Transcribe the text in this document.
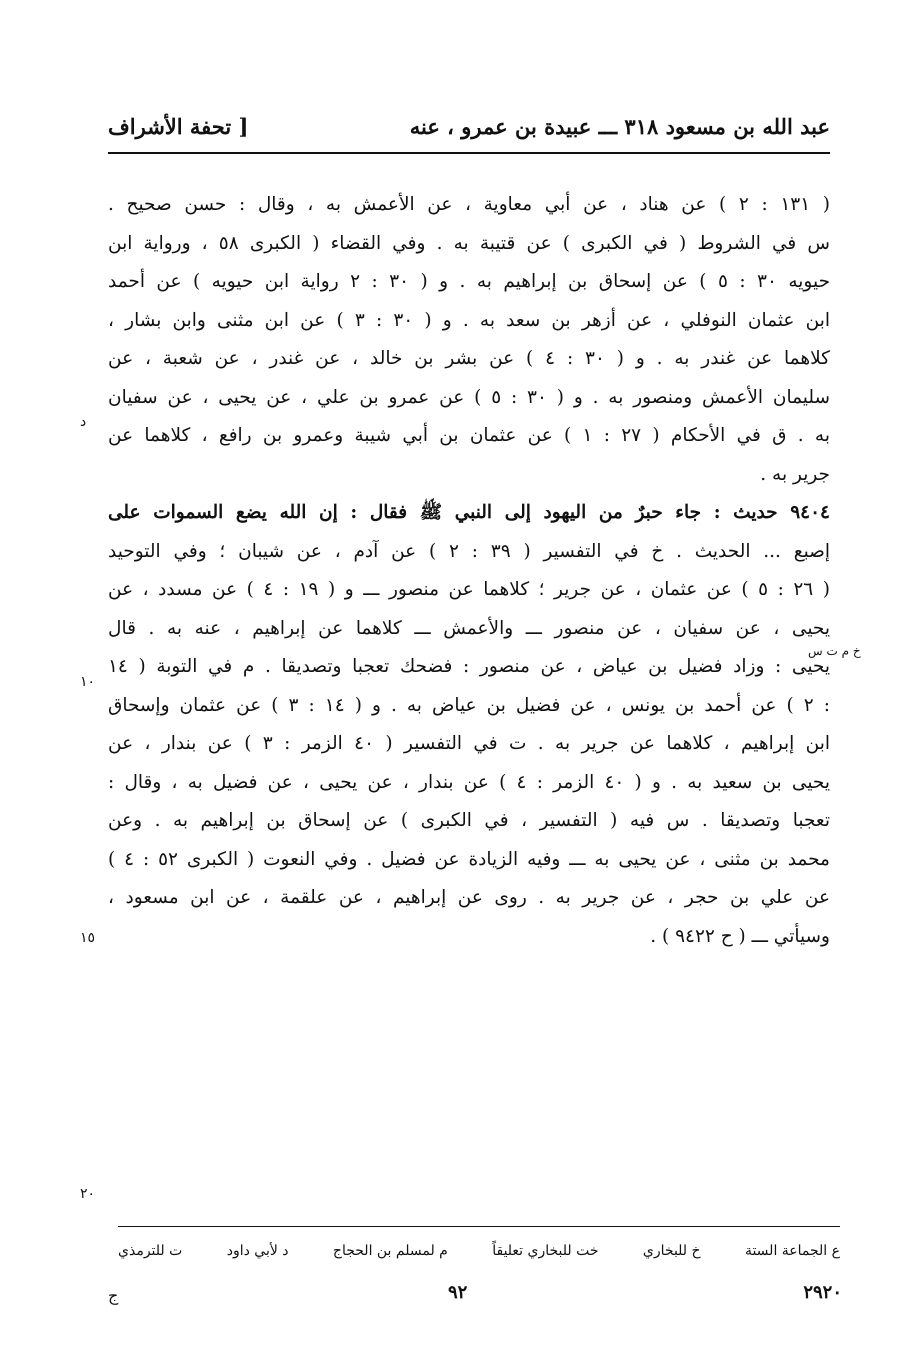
عبد الله بن مسعود ٣١٨ ـــ عبيدة بن عمرو ، عنه
[ تحفة الأشراف
( ١٣١ : ٢ ) عن هناد ، عن أبي معاوية ، عن الأعمش به ، وقال : حسن صحيح .
س في الشروط ( في الكبرى ) عن قتيبة به . وفي القضاء ( الكبرى ٥٨ ، ورواية ابن
حيويه ٣٠ : ٥ ) عن إسحاق بن إبراهيم به . و ( ٣٠ : ٢ رواية ابن حيويه ) عن أحمد
ابن عثمان النوفلي ، عن أزهر بن سعد به . و ( ٣٠ : ٣ ) عن ابن مثنى وابن بشار ،
كلاهما عن غندر به . و ( ٣٠ : ٤ ) عن بشر بن خالد ، عن غندر ، عن شعبة ، عن
سليمان الأعمش ومنصور به . و ( ٣٠ : ٥ ) عن عمرو بن علي ، عن يحيى ، عن سفيان
به . ق في الأحكام ( ٢٧ : ١ ) عن عثمان بن أبي شيبة وعمرو بن رافع ، كلاهما عن
جرير به .
٩٤٠٤ حديث : جاء حبرٌ من اليهود إلى النبي ﷺ فقال : إن الله يضع السموات على
إصبع ... الحديث . خ في التفسير ( ٣٩ : ٢ ) عن آدم ، عن شيبان ؛ وفي التوحيد
( ٢٦ : ٥ ) عن عثمان ، عن جرير ؛ كلاهما عن منصور ـــ و ( ١٩ : ٤ ) عن مسدد ، عن
يحيى ، عن سفيان ، عن منصور ـــ والأعمش ـــ كلاهما عن إبراهيم ، عنه به . قال
يحيى : وزاد فضيل بن عياض ، عن منصور : فضحك تعجبا وتصديقا . م في التوبة ( ١٤
: ٢ ) عن أحمد بن يونس ، عن فضيل بن عياض به . و ( ١٤ : ٣ ) عن عثمان وإسحاق
ابن إبراهيم ، كلاهما عن جرير به . ت في التفسير ( ٤٠ الزمر : ٣ ) عن بندار ، عن
يحيى بن سعيد به . و ( ٤٠ الزمر : ٤ ) عن بندار ، عن يحيى ، عن فضيل به ، وقال :
تعجبا وتصديقا . س فيه ( التفسير ، في الكبرى ) عن إسحاق بن إبراهيم به . وعن
محمد بن مثنى ، عن يحيى به ـــ وفيه الزيادة عن فضيل . وفي النعوت ( الكبرى ٥٢ : ٤ )
عن علي بن حجر ، عن جرير به . روى عن إبراهيم ، عن علقمة ، عن ابن مسعود ،
وسيأتي ـــ ( ح ٩٤٢٢ ) .
د
١٠
١٥
٢٠
خ م ت س
ع الجماعة الستة
خ للبخاري
خت للبخاري تعليقاً
م لمسلم بن الحجاج
د لأبي داود
ت للترمذي
٢٩٢٠
٩٢
ج
